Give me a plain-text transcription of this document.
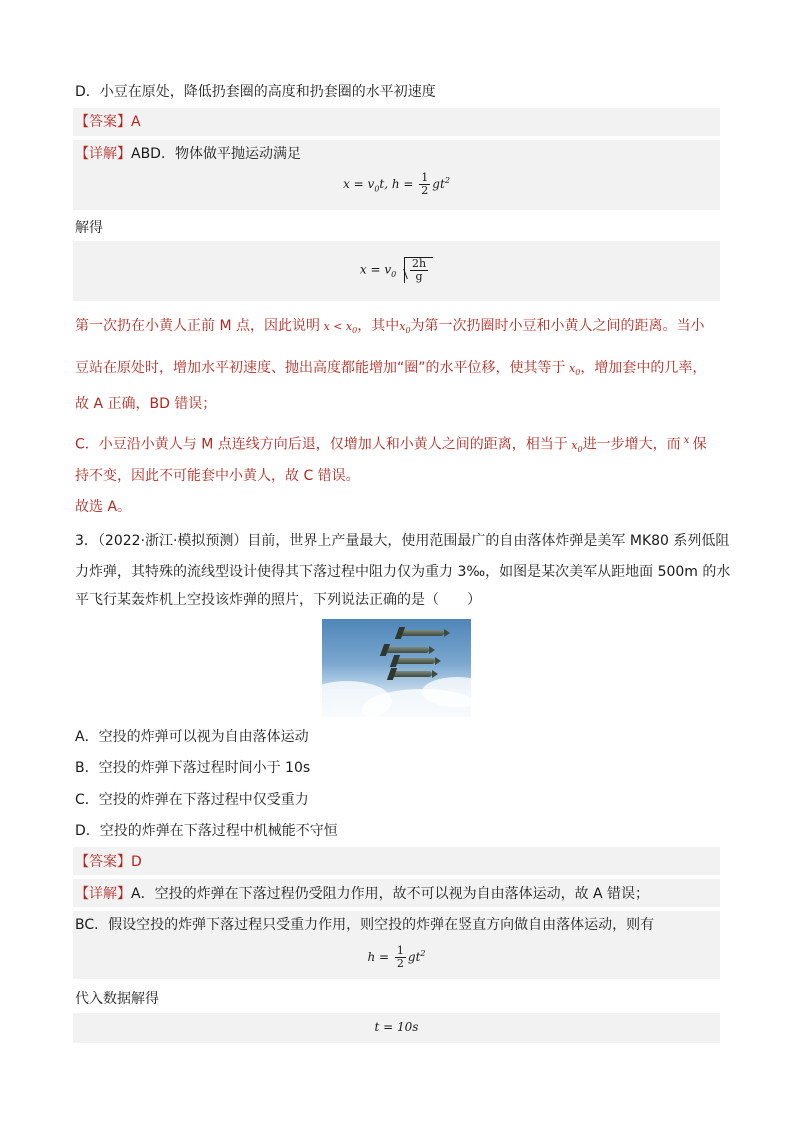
D．小豆在原处，降低扔套圈的高度和扔套圈的水平初速度
【答案】A
【详解】ABD．物体做平抛运动满足
$x = v_0t$, $h = \frac{1}{2} gt^2$
解得
$x = v_0 \frac{2h}{g}$
第一次扔在小黄人正前 M 点，因此说明 $x < x_0$，其中$x_0$为第一次扔圈时小豆和小黄人之间的距离。当小
豆站在原处时，增加水平初速度、抛出高度都能增加“圈”的水平位移，使其等于 $x_0$，增加套中的几率，
故 A 正确，BD 错误；
C．小豆沿小黄人与 M 点连线方向后退，仅增加人和小黄人之间的距离，相当于 $x_0$进一步增大，而 $^x$ 保
持不变，因此不可能套中小黄人，故 C 错误。
故选 A。
3．（2022·浙江·模拟预测）目前，世界上产量最大，使用范围最广的自由落体炸弹是美军 MK80 系列低阻
力炸弹，其特殊的流线型设计使得其下落过程中阻力仅为重力 3‰，如图是某次美军从距地面 500m 的水
平飞行某轰炸机上空投该炸弹的照片，下列说法正确的是（　　）
A．空投的炸弹可以视为自由落体运动
B．空投的炸弹下落过程时间小于 10s
C．空投的炸弹在下落过程中仅受重力
D．空投的炸弹在下落过程中机械能不守恒
【答案】D
【详解】A．空投的炸弹在下落过程仍受阻力作用，故不可以视为自由落体运动，故 A 错误；
BC．假设空投的炸弹下落过程只受重力作用，则空投的炸弹在竖直方向做自由落体运动，则有
$h = \frac{1}{2} gt^2$
代入数据解得
t = 10s
